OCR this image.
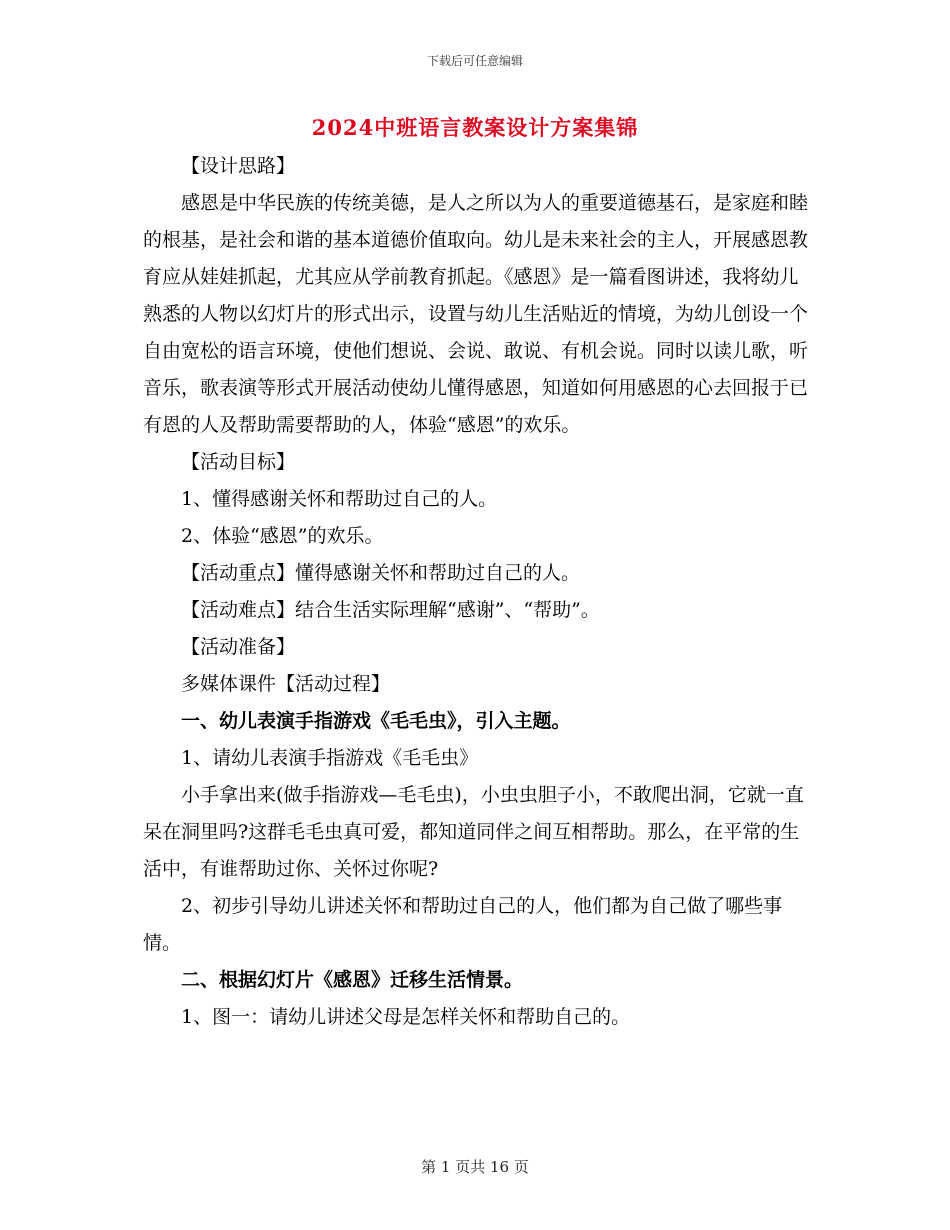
下载后可任意编辑
2024中班语言教案设计方案集锦

【设计思路】

感恩是中华民族的传统美德，是人之所以为人的重要道德基石，是家庭和睦的根基，是社会和谐的基本道德价值取向。幼儿是未来社会的主人，开展感恩教育应从娃娃抓起，尤其应从学前教育抓起。《感恩》是一篇看图讲述，我将幼儿熟悉的人物以幻灯片的形式出示，设置与幼儿生活贴近的情境，为幼儿创设一个自由宽松的语言环境，使他们想说、会说、敢说、有机会说。同时以读儿歌，听音乐，歌表演等形式开展活动使幼儿懂得感恩，知道如何用感恩的心去回报于已有恩的人及帮助需要帮助的人，体验“感恩”的欢乐。

【活动目标】

1、懂得感谢关怀和帮助过自己的人。

2、体验“感恩”的欢乐。

【活动重点】懂得感谢关怀和帮助过自己的人。

【活动难点】结合生活实际理解“感谢”、“帮助”。

【活动准备】

多媒体课件【活动过程】

一、幼儿表演手指游戏《毛毛虫》，引入主题。

1、请幼儿表演手指游戏《毛毛虫》

小手拿出来(做手指游戏—毛毛虫)，小虫虫胆子小，不敢爬出洞，它就一直呆在洞里吗?这群毛毛虫真可爱，都知道同伴之间互相帮助。那么，在平常的生活中，有谁帮助过你、关怀过你呢?

2、初步引导幼儿讲述关怀和帮助过自己的人，他们都为自己做了哪些事情。

二、根据幻灯片《感恩》迁移生活情景。

1、图一：请幼儿讲述父母是怎样关怀和帮助自己的。

第 1 页共 16 页
